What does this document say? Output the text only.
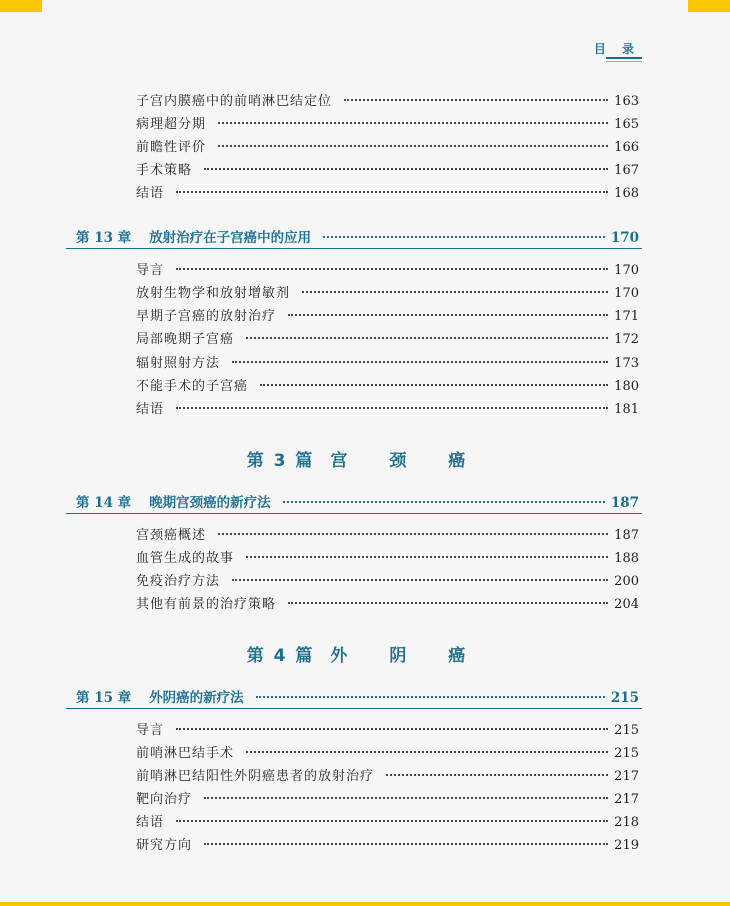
目 录
子宫内膜癌中的前哨淋巴结定位	163
病理超分期	165
前瞻性评价	166
手术策略	167
结语	168
第 13 章 放射治疗在子宫癌中的应用	170
导言	170
放射生物学和放射增敏剂	170
早期子宫癌的放射治疗	171
局部晚期子宫癌	172
辐射照射方法	173
不能手术的子宫癌	180
结语	181
第 3 篇 宫 颈 癌
第 14 章 晚期宫颈癌的新疗法	187
宫颈癌概述	187
血管生成的故事	188
免疫治疗方法	200
其他有前景的治疗策略	204
第 4 篇 外 阴 癌
第 15 章 外阴癌的新疗法	215
导言	215
前哨淋巴结手术	215
前哨淋巴结阳性外阴癌患者的放射治疗	217
靶向治疗	217
结语	218
研究方向	219
